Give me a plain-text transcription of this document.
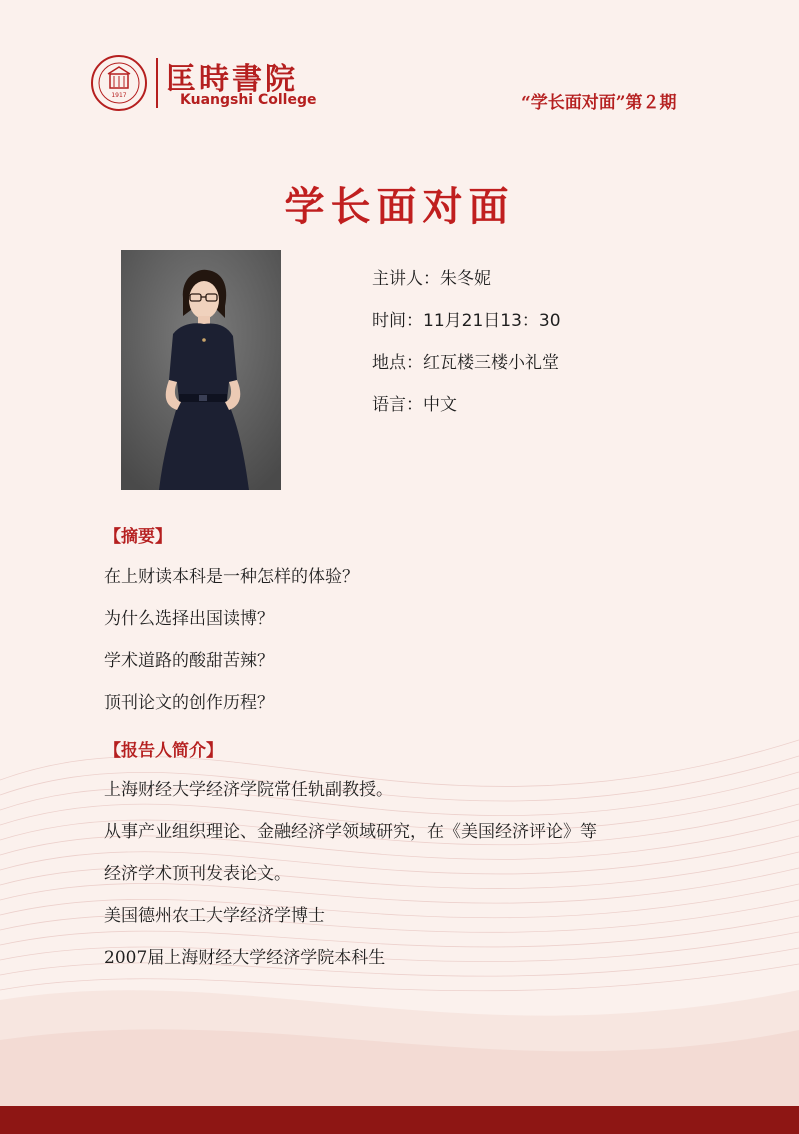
1917 匡時書院
Kuangshi College	“学长面对面”第２期
学长面对面
主讲人：朱冬妮
时间：11月21日13：30
地点：红瓦楼三楼小礼堂
语言：中文
【摘要】
在上财读本科是一种怎样的体验？
为什么选择出国读博？
学术道路的酸甜苦辣？
顶刊论文的创作历程？
【报告人简介】
上海财经大学经济学院常任轨副教授。
从事产业组织理论、金融经济学领域研究，在《美国经济评论》等
经济学术顶刊发表论文。
美国德州农工大学经济学博士
2007届上海财经大学经济学院本科生
